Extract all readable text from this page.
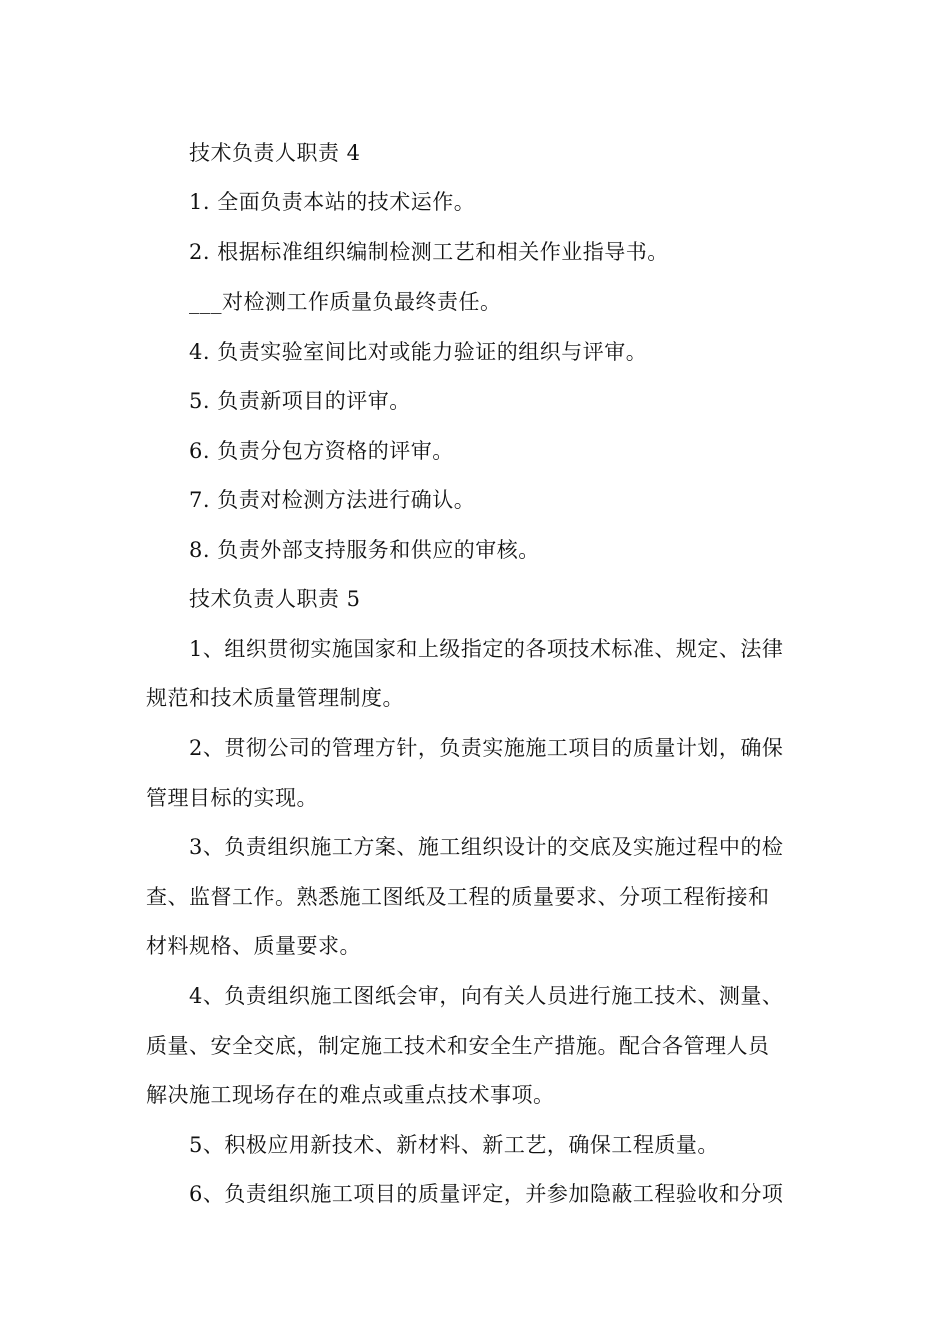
技术负责人职责 4
1. 全面负责本站的技术运作。
2. 根据标准组织编制检测工艺和相关作业指导书。
___对检测工作质量负最终责任。
4. 负责实验室间比对或能力验证的组织与评审。
5. 负责新项目的评审。
6. 负责分包方资格的评审。
7. 负责对检测方法进行确认。
8. 负责外部支持服务和供应的审核。
技术负责人职责 5
1、组织贯彻实施国家和上级指定的各项技术标准、规定、法律
规范和技术质量管理制度。
2、贯彻公司的管理方针，负责实施施工项目的质量计划，确保
管理目标的实现。
3、负责组织施工方案、施工组织设计的交底及实施过程中的检
查、监督工作。熟悉施工图纸及工程的质量要求、分项工程衔接和
材料规格、质量要求。
4、负责组织施工图纸会审，向有关人员进行施工技术、测量、
质量、安全交底，制定施工技术和安全生产措施。配合各管理人员
解决施工现场存在的难点或重点技术事项。
5、积极应用新技术、新材料、新工艺，确保工程质量。
6、负责组织施工项目的质量评定，并参加隐蔽工程验收和分项
